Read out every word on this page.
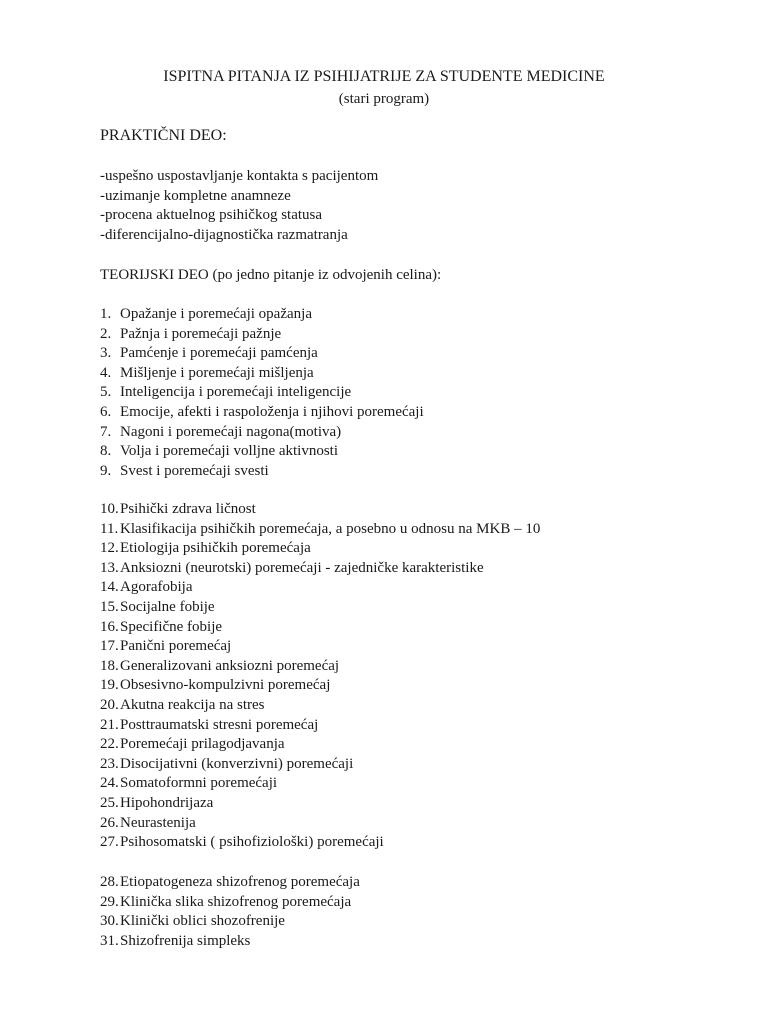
ISPITNA PITANJA IZ PSIHIJATRIJE ZA STUDENTE MEDICINE
(stari program)
PRAKTIČNI DEO:
-uspešno uspostavljanje kontakta s pacijentom
-uzimanje kompletne anamneze
-procena aktuelnog psihičkog statusa
-diferencijalno-dijagnostička razmatranja
TEORIJSKI DEO (po jedno pitanje iz odvojenih celina):
1. Opažanje i poremećaji opažanja
2. Pažnja i poremećaji pažnje
3. Pamćenje i poremećaji pamćenja
4. Mišljenje i poremećaji mišljenja
5. Inteligencija i poremećaji inteligencije
6. Emocije, afekti i raspoloženja i njihovi poremećaji
7. Nagoni i poremećaji nagona(motiva)
8. Volja i poremećaji volljne aktivnosti
9. Svest i poremećaji svesti
10. Psihički zdrava ličnost
11. Klasifikacija psihičkih poremećaja, a posebno u odnosu na MKB – 10
12. Etiologija psihičkih poremećaja
13. Anksiozni (neurotski) poremećaji - zajedničke karakteristike
14. Agorafobija
15. Socijalne fobije
16. Specifične fobije
17. Panični poremećaj
18. Generalizovani anksiozni poremećaj
19. Obsesivno-kompulzivni poremećaj
20. Akutna reakcija na stres
21. Posttraumatski stresni poremećaj
22. Poremećaji prilagodjavanja
23. Disocijativni (konverzivni) poremećaji
24. Somatoformni poremećaji
25. Hipohondrijaza
26. Neurastenija
27. Psihosomatski ( psihofiziološki) poremećaji
28. Etiopatogeneza shizofrenog poremećaja
29. Klinička slika shizofrenog poremećaja
30. Klinički oblici shozofrenije
31. Shizofrenija simpleks
